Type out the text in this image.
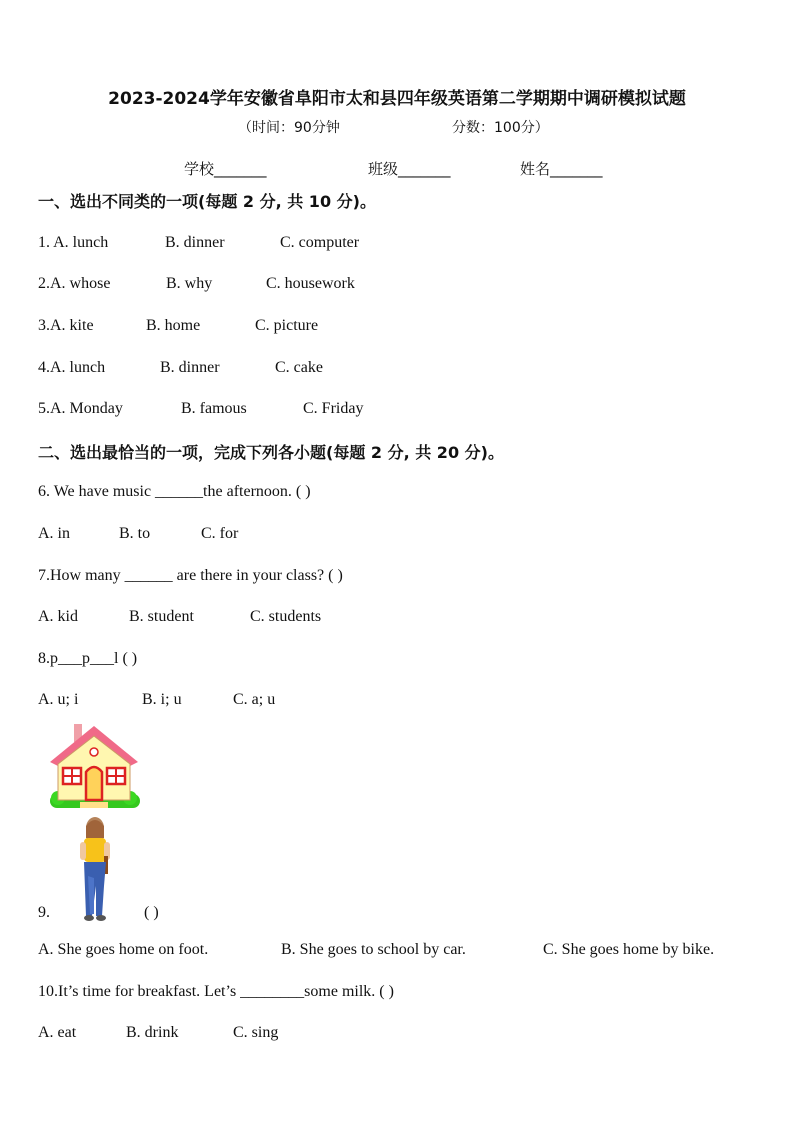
2023-2024学年安徽省阜阳市太和县四年级英语第二学期期中调研模拟试题
（时间：90分钟	分数：100分）
学校_______	班级_______	姓名_______
一、选出不同类的一项(每题 2 分, 共 10 分)。
1. A. lunch	B. dinner	C. computer
2.A. whose	B. why	C. housework
3.A. kite	B. home	C. picture
4.A. lunch	B. dinner	C. cake
5.A. Monday	B. famous	C. Friday
二、选出最恰当的一项，完成下列各小题(每题 2 分, 共 20 分)。
6. We have music ______the afternoon. ( )
A. in	B. to	C. for
7.How many ______ are there in your class? ( )
A. kid	B. student	C. students
8.p___p___l ( )
A. u; i	B. i; u	C. a; u
9.	( )
A. She goes home on foot.	B. She goes to school by car.	C. She goes home by bike.
10.It’s time for breakfast. Let’s ________some milk. ( )
A. eat	B. drink	C. sing
